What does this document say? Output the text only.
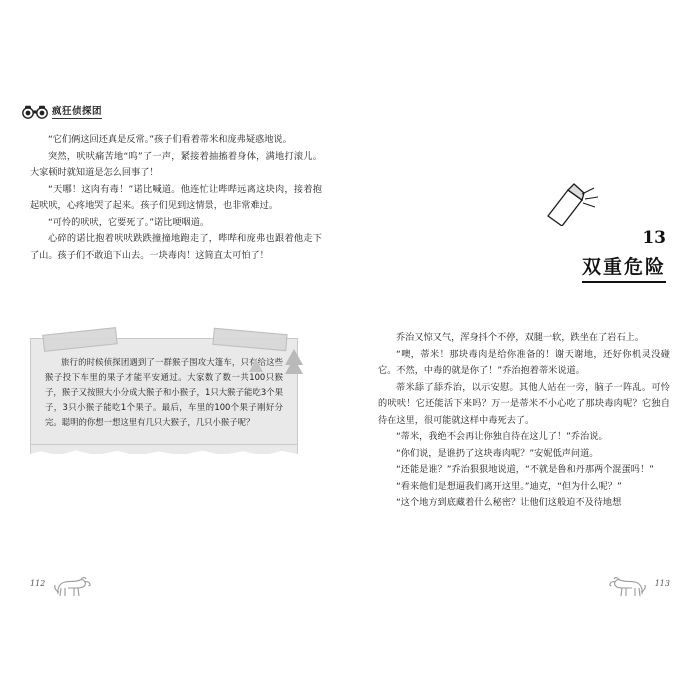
疯狂侦探团

“它们俩这回还真是反常。”孩子们看着蒂米和庞弗疑惑地说。

突然，吠吠痛苦地“呜”了一声，紧接着抽搐着身体，满地打滚儿。大家顿时就知道是怎么回事了！

“天哪！这肉有毒！”诺比喊道。他连忙让哔哔远离这块肉，接着抱起吠吠，心疼地哭了起来。孩子们见到这情景，也非常难过。

“可怜的吠吠，它要死了。”诺比哽咽道。

心碎的诺比抱着吠吠跌跌撞撞地跑走了，哔哔和庞弗也跟着他走下了山。孩子们不敢追下山去。一块毒肉！这简直太可怕了！

112

旅行的时候侦探团遇到了一群猴子围攻大篷车，只有给这些猴子投下车里的果子才能平安通过。大家数了数一共100只猴子，猴子又按照大小分成大猴子和小猴子，1只大猴子能吃3个果子，3只小猴子能吃1个果子。最后，车里的100个果子刚好分完。聪明的你想一想这里有几只大猴子，几只小猴子呢？

13
双重危险

乔治又惊又气，浑身抖个不停，双腿一软，跌坐在了岩石上。

“噢，蒂米！那块毒肉是给你准备的！谢天谢地，还好你机灵没碰它。不然，中毒的就是你了！”乔治抱着蒂米说道。

蒂米舔了舔乔治，以示安慰。其他人站在一旁，脑子一阵乱。可怜的吠吠！它还能活下来吗？万一是蒂米不小心吃了那块毒肉呢？它独自待在这里，很可能就这样中毒死去了。

“蒂米，我绝不会再让你独自待在这儿了！”乔治说。

“你们说，是谁扔了这块毒肉呢？”安妮低声问道。

“还能是谁？”乔治狠狠地说道，“不就是鲁和丹那两个混蛋吗！”

“看来他们是想逼我们离开这里。”迪克，“但为什么呢？”

“这个地方到底藏着什么秘密？让他们这般迫不及待地想

113
